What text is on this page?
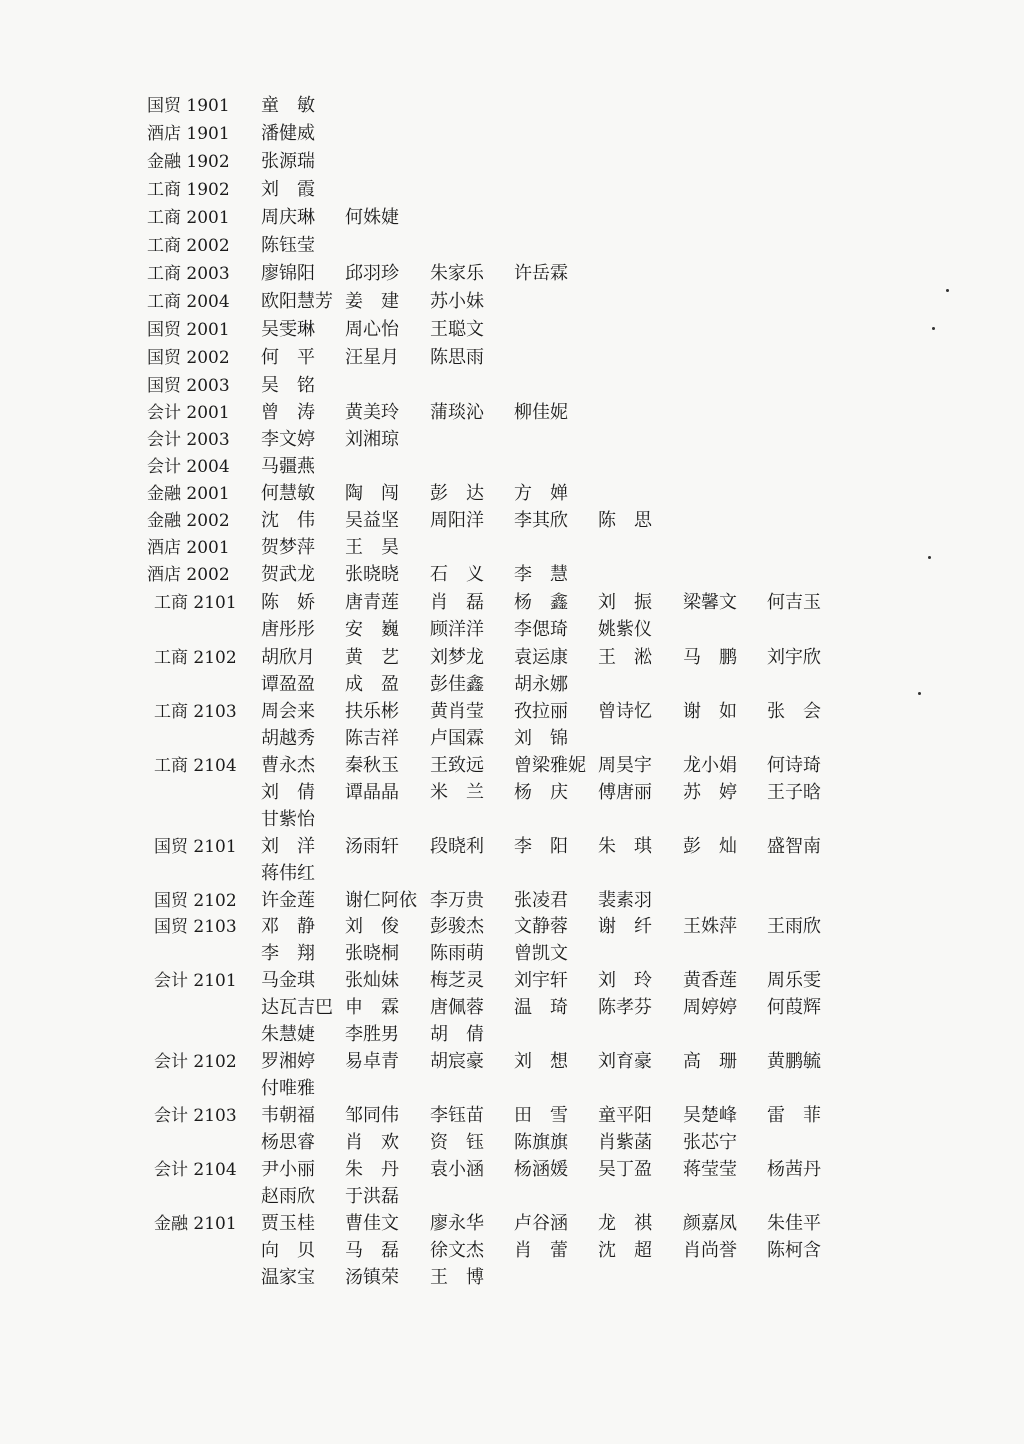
国贸 1901 童　敏
酒店 1901 潘健威
金融 1902 张源瑞
工商 1902 刘　霞
工商 2001 周庆琳 何姝婕
工商 2002 陈钰莹
工商 2003 廖锦阳 邱羽珍 朱家乐 许岳霖
工商 2004 欧阳慧芳 姜　建 苏小妹
国贸 2001 吴雯琳 周心怡 王聪文
国贸 2002 何　平 汪星月 陈思雨
国贸 2003 吴　铭
会计 2001 曾　涛 黄美玲 蒲琰沁 柳佳妮
会计 2003 李文婷 刘湘琼
会计 2004 马疆燕
金融 2001 何慧敏 陶　闯 彭　达 方　婵
金融 2002 沈　伟 吴益坚 周阳洋 李其欣 陈　思
酒店 2001 贺梦萍 王　昊
酒店 2002 贺武龙 张晓晓 石　义 李　慧
工商 2101 陈　娇 唐青莲 肖　磊 杨　鑫 刘　振 梁馨文 何吉玉
唐彤彤 安　巍 顾洋洋 李偲琦 姚紫仪
工商 2102 胡欣月 黄　艺 刘梦龙 袁运康 王　淞 马　鹏 刘宇欣
谭盈盈 成　盈 彭佳鑫 胡永娜
工商 2103 周会来 扶乐彬 黄肖莹 孜拉丽 曾诗忆 谢　如 张　会
胡越秀 陈吉祥 卢国霖 刘　锦
工商 2104 曹永杰 秦秋玉 王致远 曾梁雅妮 周昊宇 龙小娟 何诗琦
刘　倩 谭晶晶 米　兰 杨　庆 傅唐丽 苏　婷 王子晗
甘紫怡
国贸 2101 刘　洋 汤雨轩 段晓利 李　阳 朱　琪 彭　灿 盛智南
蒋伟红
国贸 2102 许金莲 谢仁阿依 李万贵 张凌君 裴素羽
国贸 2103 邓　静 刘　俊 彭骏杰 文静蓉 谢　纤 王姝萍 王雨欣
李　翔 张晓桐 陈雨萌 曾凯文
会计 2101 马金琪 张灿妹 梅芝灵 刘宇轩 刘　玲 黄香莲 周乐雯
达瓦吉巴 申　霖 唐佩蓉 温　琦 陈孝芬 周婷婷 何葭辉
朱慧婕 李胜男 胡　倩
会计 2102 罗湘婷 易卓青 胡宸豪 刘　想 刘育豪 高　珊 黄鹏毓
付唯雅
会计 2103 韦朝福 邹同伟 李钰苗 田　雪 童平阳 吴楚峰 雷　菲
杨思睿 肖　欢 资　钰 陈旗旗 肖紫菡 张芯宁
会计 2104 尹小丽 朱　丹 袁小涵 杨涵媛 吴丁盈 蒋莹莹 杨茜丹
赵雨欣 于洪磊
金融 2101 贾玉桂 曹佳文 廖永华 卢谷涵 龙　祺 颜嘉凤 朱佳平
向　贝 马　磊 徐文杰 肖　蕾 沈　超 肖尚誉 陈柯含
温家宝 汤镇荣 王　博
